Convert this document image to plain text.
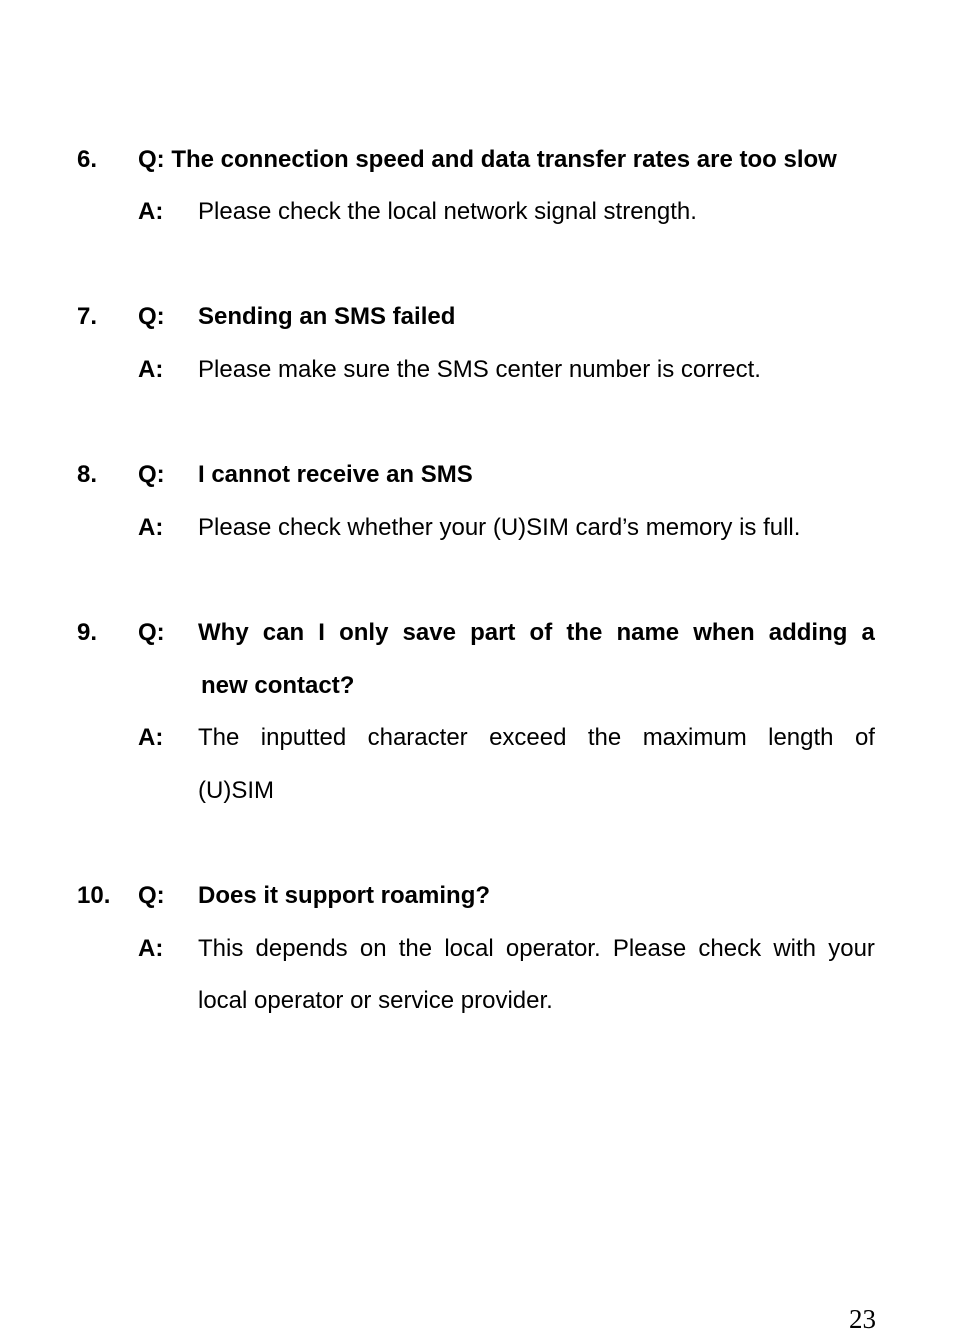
6. Q: The connection speed and data transfer rates are too slow
A: Please check the local network signal strength.
7. Q: Sending an SMS failed
A: Please make sure the SMS center number is correct.
8. Q: I cannot receive an SMS
A: Please check whether your (U)SIM card’s memory is full.
9. Q: Why can I only save part of the name when adding a
new contact?
A: The inputted character exceed the maximum length of
(U)SIM
10. Q: Does it support roaming?
A: This depends on the local operator. Please check with your
local operator or service provider.
23
